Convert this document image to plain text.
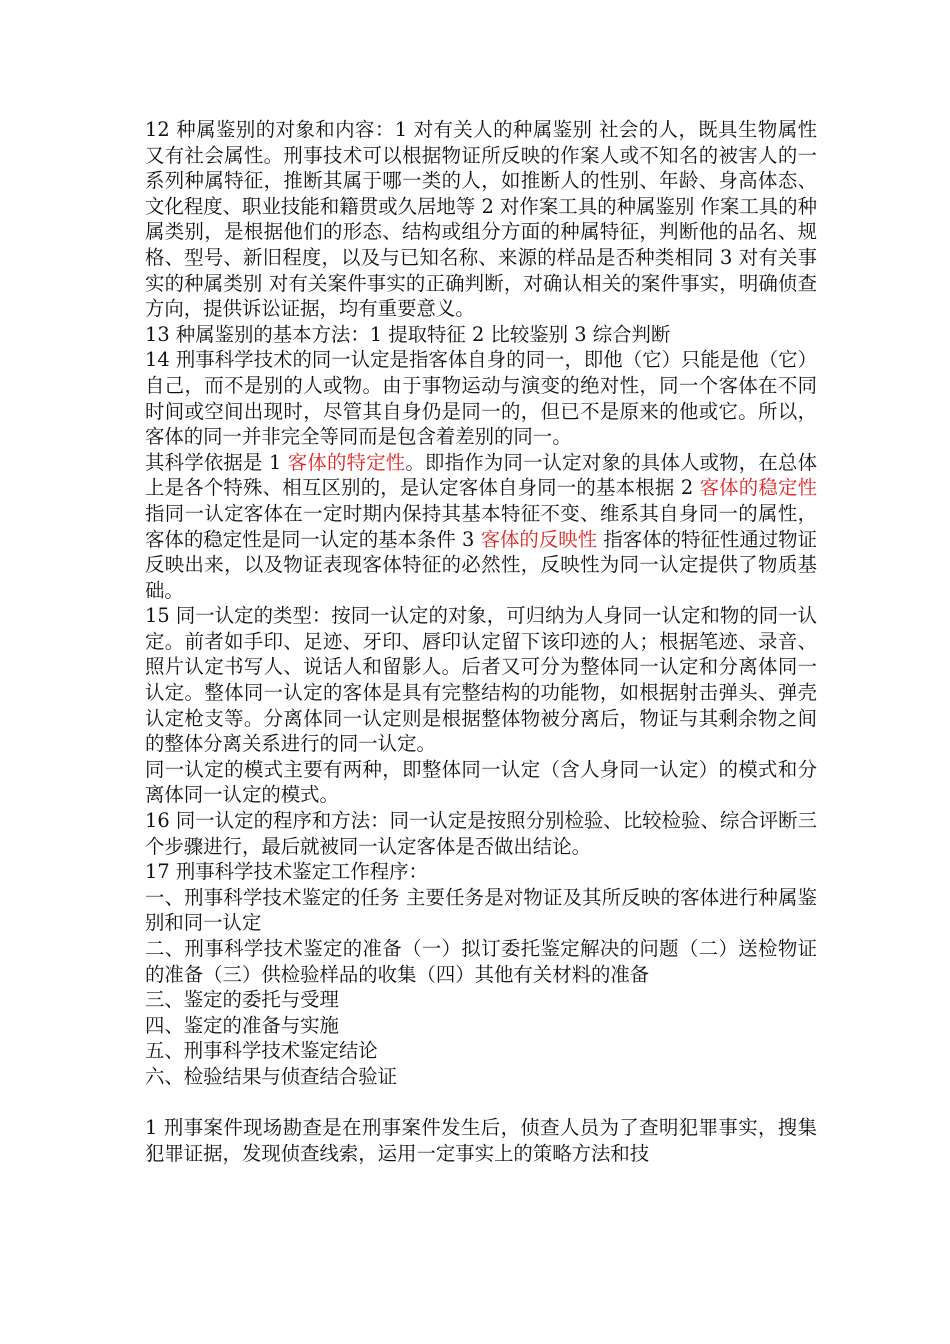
12 种属鉴别的对象和内容：1 对有关人的种属鉴别 社会的人，既具生物属性又有社会属性。刑事技术可以根据物证所反映的作案人或不知名的被害人的一系列种属特征，推断其属于哪一类的人，如推断人的性别、年龄、身高体态、文化程度、职业技能和籍贯或久居地等 2 对作案工具的种属鉴别 作案工具的种属类别，是根据他们的形态、结构或组分方面的种属特征，判断他的品名、规格、型号、新旧程度，以及与已知名称、来源的样品是否种类相同 3 对有关事实的种属类别 对有关案件事实的正确判断，对确认相关的案件事实，明确侦查方向，提供诉讼证据，均有重要意义。

13 种属鉴别的基本方法：1 提取特征 2 比较鉴别 3 综合判断

14 刑事科学技术的同一认定是指客体自身的同一，即他（它）只能是他（它）自己，而不是别的人或物。由于事物运动与演变的绝对性，同一个客体在不同时间或空间出现时，尽管其自身仍是同一的，但已不是原来的他或它。所以，客体的同一并非完全等同而是包含着差别的同一。

其科学依据是 1 客体的特定性。即指作为同一认定对象的具体人或物，在总体上是各个特殊、相互区别的，是认定客体自身同一的基本根据 2 客体的稳定性 指同一认定客体在一定时期内保持其基本特征不变、维系其自身同一的属性，客体的稳定性是同一认定的基本条件 3 客体的反映性 指客体的特征性通过物证反映出来，以及物证表现客体特征的必然性，反映性为同一认定提供了物质基础。

15 同一认定的类型：按同一认定的对象，可归纳为人身同一认定和物的同一认定。前者如手印、足迹、牙印、唇印认定留下该印迹的人；根据笔迹、录音、照片认定书写人、说话人和留影人。后者又可分为整体同一认定和分离体同一认定。整体同一认定的客体是具有完整结构的功能物，如根据射击弹头、弹壳认定枪支等。分离体同一认定则是根据整体物被分离后，物证与其剩余物之间的整体分离关系进行的同一认定。

同一认定的模式主要有两种，即整体同一认定（含人身同一认定）的模式和分离体同一认定的模式。

16 同一认定的程序和方法：同一认定是按照分别检验、比较检验、综合评断三个步骤进行，最后就被同一认定客体是否做出结论。

17 刑事科学技术鉴定工作程序：

一、刑事科学技术鉴定的任务 主要任务是对物证及其所反映的客体进行种属鉴别和同一认定

二、刑事科学技术鉴定的准备（一）拟订委托鉴定解决的问题（二）送检物证的准备（三）供检验样品的收集（四）其他有关材料的准备

三、鉴定的委托与受理

四、鉴定的准备与实施

五、刑事科学技术鉴定结论

六、检验结果与侦查结合验证

1 刑事案件现场勘查是在刑事案件发生后，侦查人员为了查明犯罪事实，搜集犯罪证据，发现侦查线索，运用一定事实上的策略方法和技
